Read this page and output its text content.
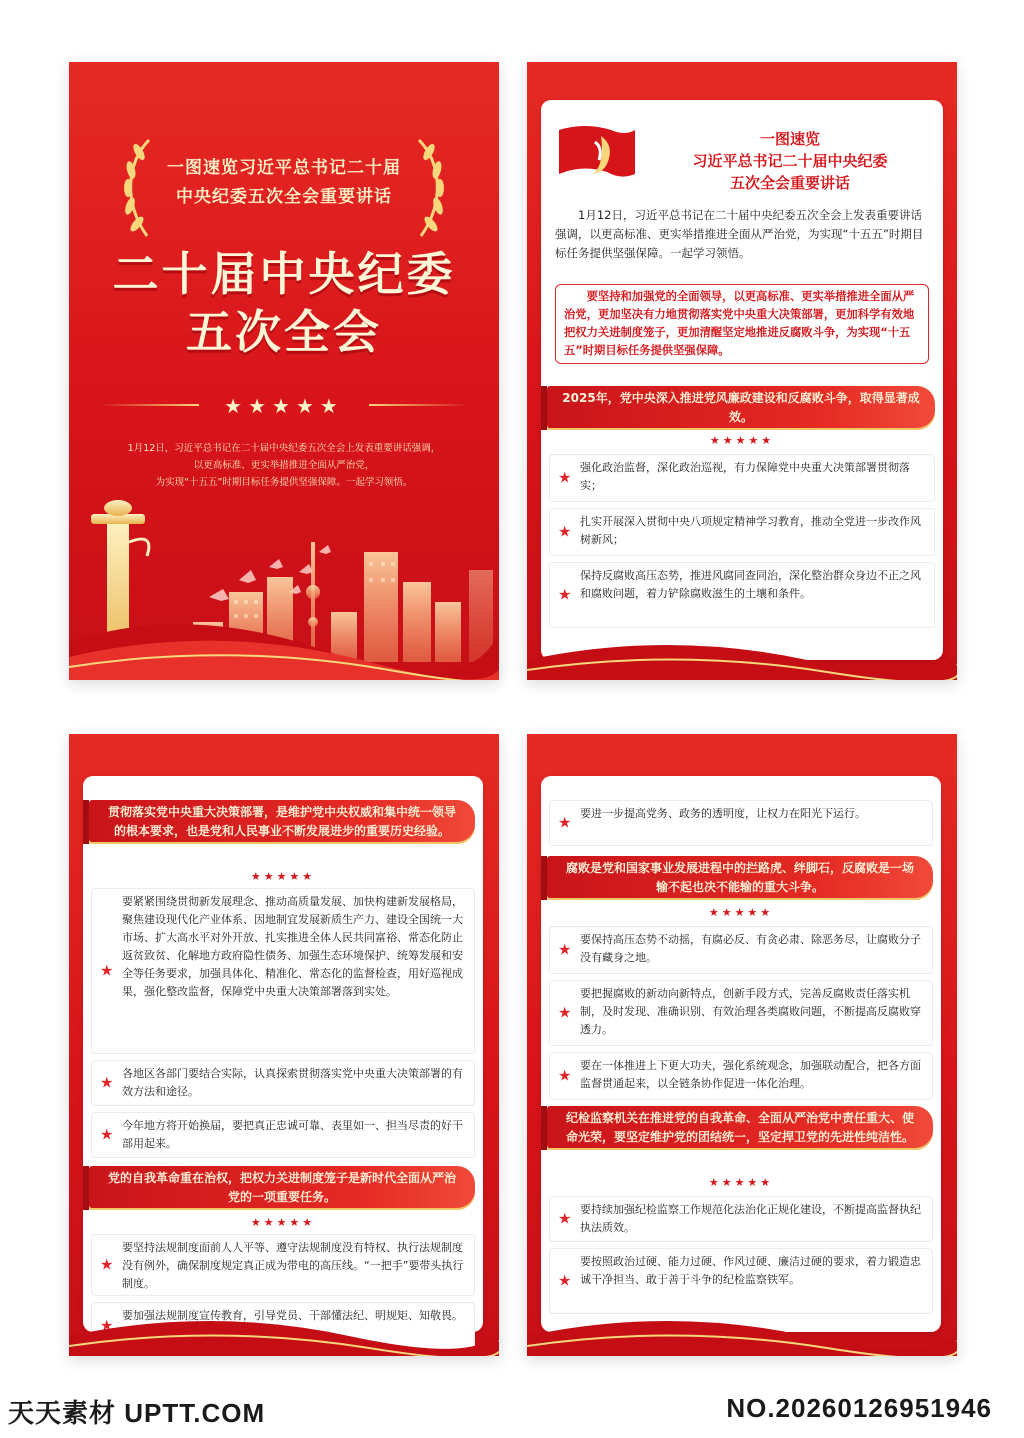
一图速览习近平总书记二十届
中央纪委五次全会重要讲话
二十届中央纪委
五次全会
★★★★★
1月12日，习近平总书记在二十届中央纪委五次全会上发表重要讲话强调，
以更高标准、更实举措推进全面从严治党，
为实现“十五五”时期目标任务提供坚强保障。一起学习领悟。
一图速览
习近平总书记二十届中央纪委
五次全会重要讲话
1月12日，习近平总书记在二十届中央纪委五次全会上发表重要讲话强调，以更高标准、更实举措推进全面从严治党，为实现“十五五”时期目标任务提供坚强保障。一起学习领悟。
要坚持和加强党的全面领导，以更高标准、更实举措推进全面从严治党，更加坚决有力地贯彻落实党中央重大决策部署，更加科学有效地把权力关进制度笼子，更加清醒坚定地推进反腐败斗争，为实现“十五五”时期目标任务提供坚强保障。
2025年，党中央深入推进党风廉政建设和反腐败斗争，取得显著成效。
★★★★★
★
强化政治监督，深化政治巡视，有力保障党中央重大决策部署贯彻落实；
★
扎实开展深入贯彻中央八项规定精神学习教育，推动全党进一步改作风树新风；
★
保持反腐败高压态势，推进风腐同查同治，深化整治群众身边不正之风和腐败问题，着力铲除腐败滋生的土壤和条件。
贯彻落实党中央重大决策部署，是维护党中央权威和集中统一领导的根本要求，也是党和人民事业不断发展进步的重要历史经验。
★★★★★
★
要紧紧围绕贯彻新发展理念、推动高质量发展、加快构建新发展格局，聚焦建设现代化产业体系、因地制宜发展新质生产力、建设全国统一大市场、扩大高水平对外开放、扎实推进全体人民共同富裕、常态化防止返贫致贫、化解地方政府隐性债务、加强生态环境保护、统筹发展和安全等任务要求，加强具体化、精准化、常态化的监督检查，用好巡视成果，强化整改监督，保障党中央重大决策部署落到实处。
★ 各地区各部门要结合实际，认真探索贯彻落实党中央重大决策部署的有效方法和途径。
★ 今年地方将开始换届，要把真正忠诚可靠、表里如一、担当尽责的好干部用起来。
党的自我革命重在治权，把权力关进制度笼子是新时代全面从严治党的一项重要任务。
★★★★★
★
要坚持法规制度面前人人平等、遵守法规制度没有特权、执行法规制度没有例外，确保制度规定真正成为带电的高压线。“一把手”要带头执行制度。
★
要加强法规制度宣传教育，引导党员、干部懂法纪、明规矩、知敬畏。
★ 要进一步提高党务、政务的透明度，让权力在阳光下运行。
腐败是党和国家事业发展进程中的拦路虎、绊脚石，反腐败是一场输不起也决不能输的重大斗争。
★★★★★
★
要保持高压态势不动摇，有腐必反、有贪必肃、除恶务尽，让腐败分子没有藏身之地。
★
要把握腐败的新动向新特点，创新手段方式，完善反腐败责任落实机制，及时发现、准确识别、有效治理各类腐败问题，不断提高反腐败穿透力。
★
要在一体推进上下更大功夫，强化系统观念，加强联动配合，把各方面监督贯通起来，以全链条协作促进一体化治理。
纪检监察机关在推进党的自我革命、全面从严治党中责任重大、使命光荣，要坚定维护党的团结统一，坚定捍卫党的先进性纯洁性。
★★★★★
★ 要持续加强纪检监察工作规范化法治化正规化建设，不断提高监督执纪执法质效。
★
要按照政治过硬、能力过硬、作风过硬、廉洁过硬的要求，着力锻造忠诚干净担当、敢于善于斗争的纪检监察铁军。
天天素材 UPTT.COM	NO.20260126951946
